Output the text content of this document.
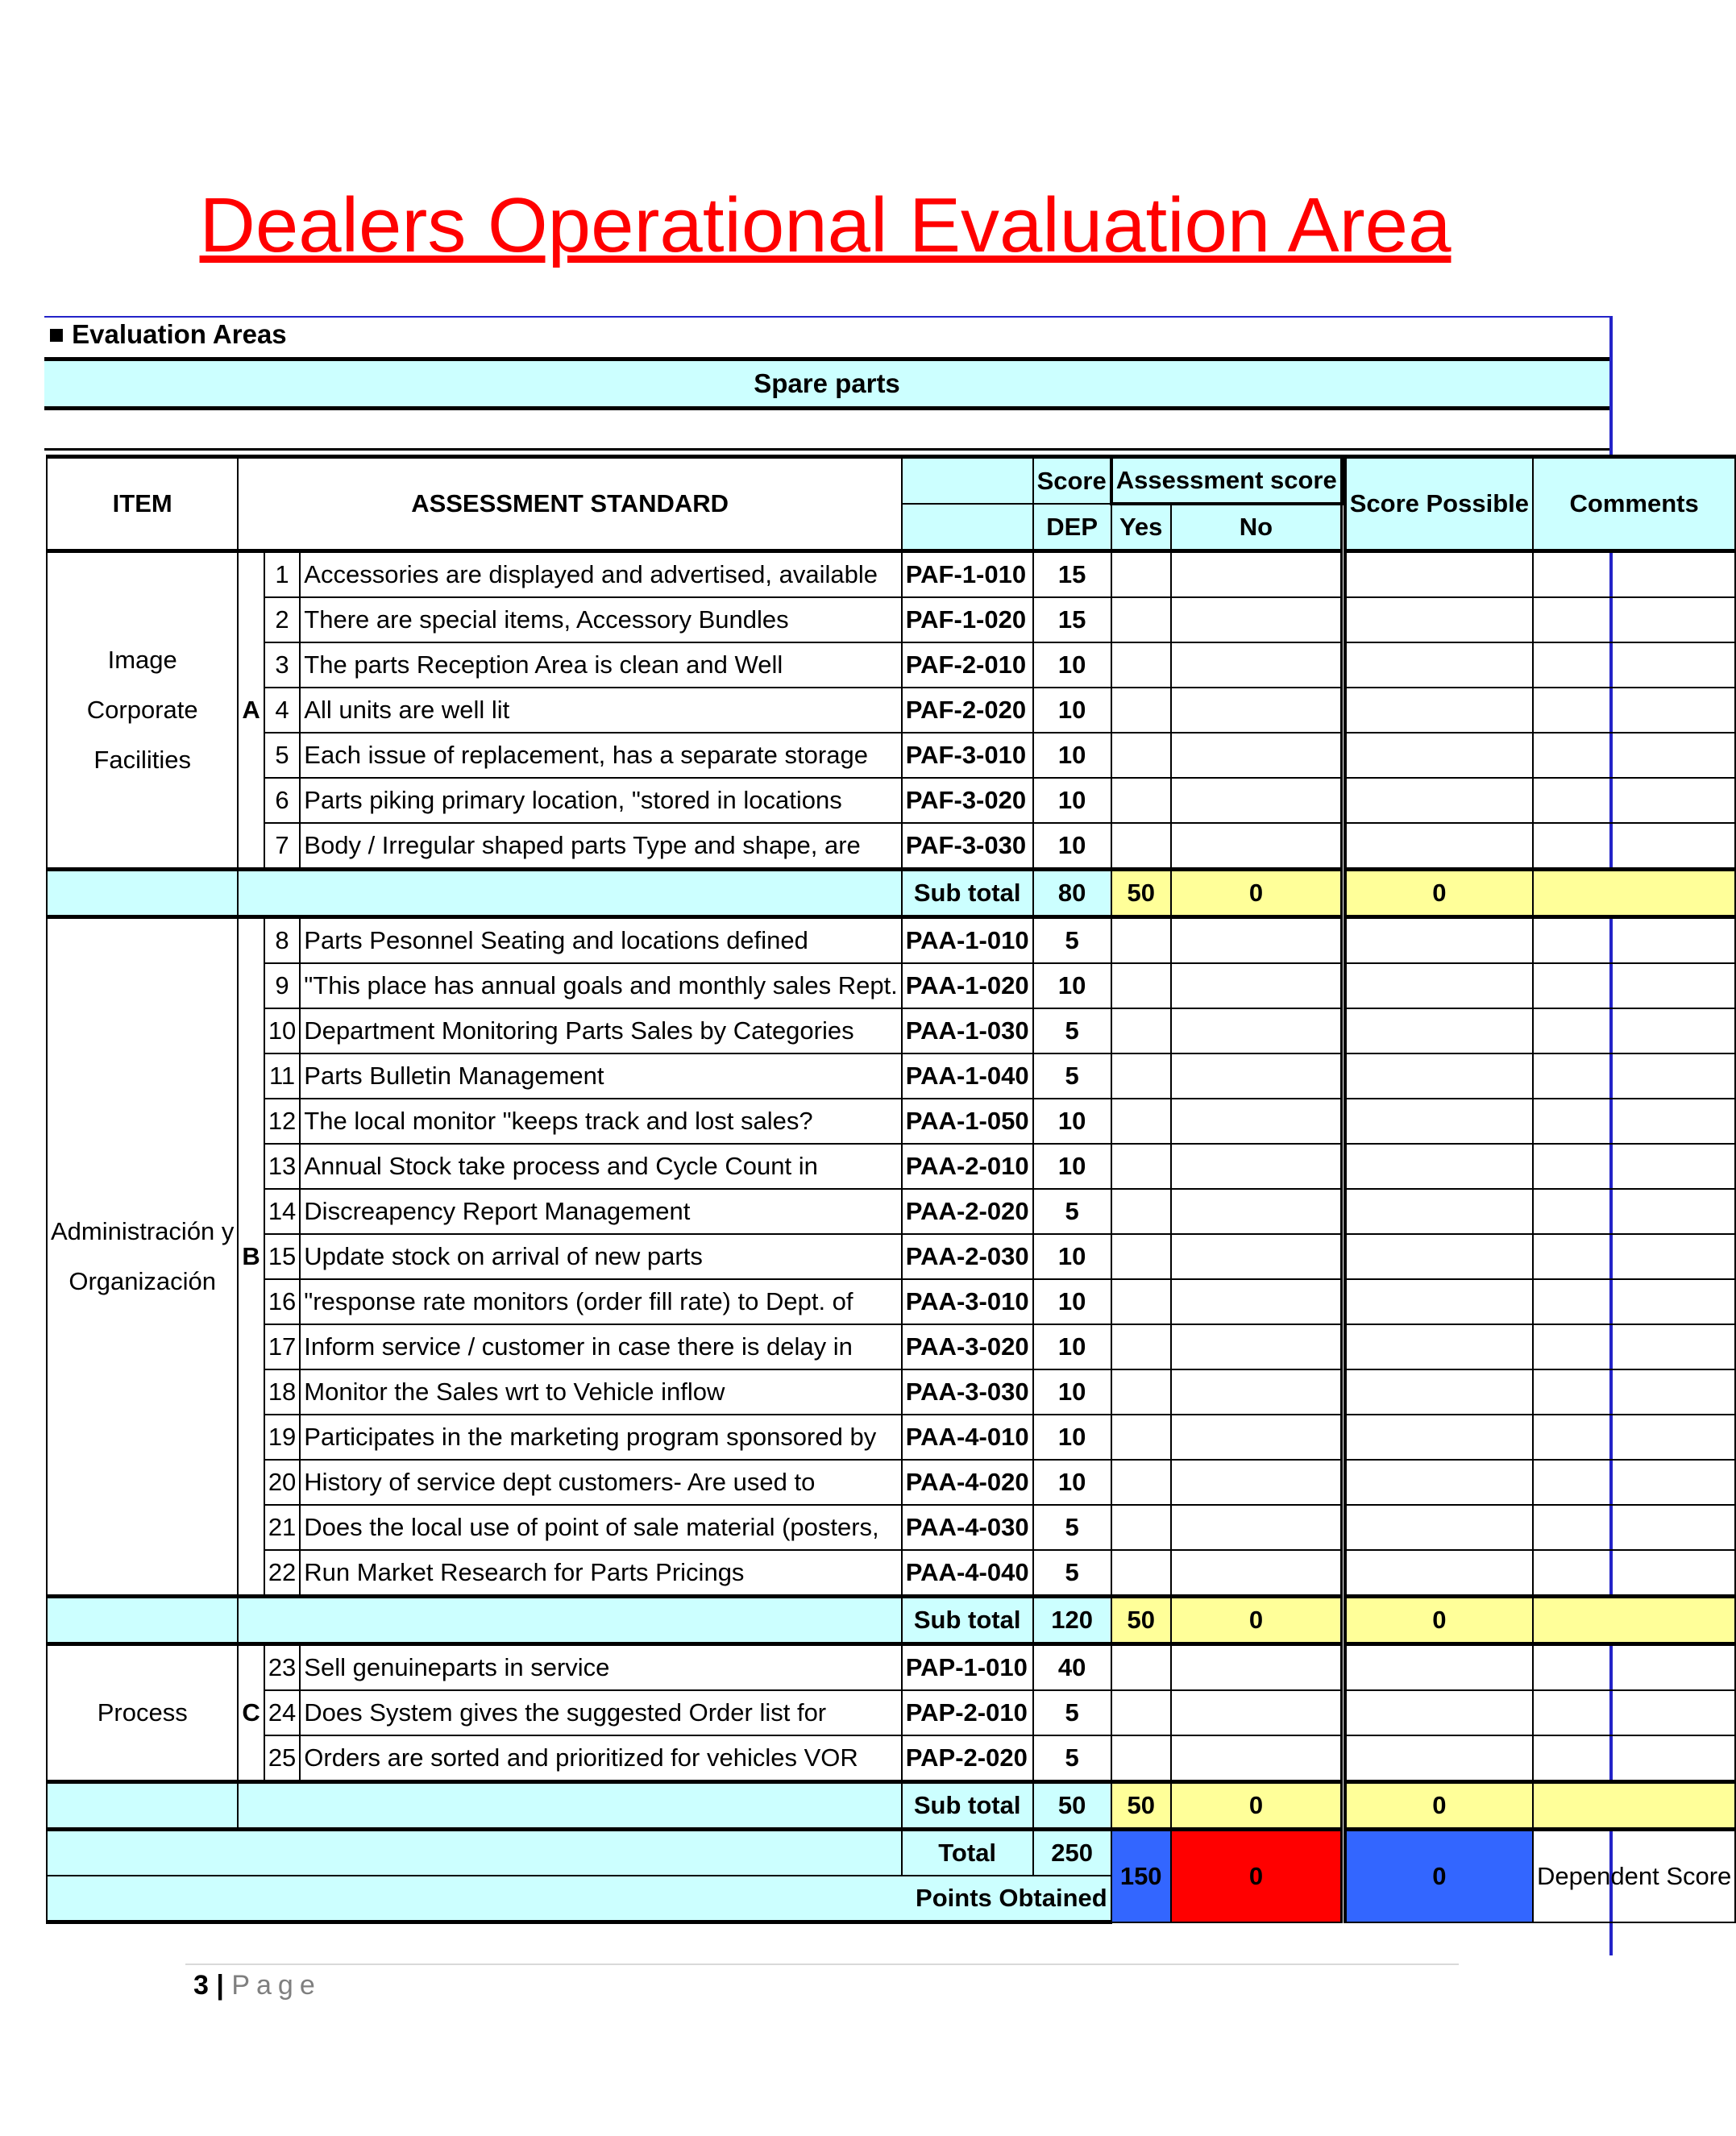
Dealers Operational Evaluation Area
■ Evaluation Areas
Spare parts
ITEM	ASSESSMENT STANDARD				Score	Assessment score			Score Possible	Comments
					DEP	Yes	No			

Image
Corporate
Facilities	A	1	Accessories are displayed and advertised, available	PAF-1-010	15					
		2	There are special items, Accessory Bundles	PAF-1-020	15					
		3	The parts Reception Area is clean and Well	PAF-2-010	10					
		4	All units are well lit	PAF-2-020	10					
		5	Each issue of replacement, has a separate storage	PAF-3-010	10					
		6	Parts piking primary location, "stored in locations	PAF-3-020	10					
		7	Body / Irregular shaped parts Type and shape, are	PAF-3-030	10					
				Sub total	80	50	0		0	

Administración y
Organización	B	8	Parts Pesonnel Seating and locations defined	PAA-1-010	5					
		9	"This place has annual goals and monthly sales Rept.	PAA-1-020	10					
		10	Department Monitoring Parts Sales by Categories	PAA-1-030	5					
		11	Parts Bulletin Management	PAA-1-040	5					
		12	The local monitor "keeps track and lost sales?	PAA-1-050	10					
		13	Annual Stock take process and Cycle Count in	PAA-2-010	10					
		14	Discreapency Report Management	PAA-2-020	5					
		15	Update stock on arrival of new parts	PAA-2-030	10					
		16	"response rate monitors (order fill rate) to Dept. of	PAA-3-010	10					
		17	Inform service / customer in case there is delay in	PAA-3-020	10					
		18	Monitor the Sales wrt to Vehicle inflow	PAA-3-030	10					
		19	Participates in the marketing program sponsored by	PAA-4-010	10					
		20	History of service dept customers- Are used to	PAA-4-020	10					
		21	Does the local use of point of sale material (posters,	PAA-4-030	5					
		22	Run Market Research for Parts Pricings	PAA-4-040	5					
				Sub total	120	50	0		0	

Process	C	23	Sell genuineparts in service	PAP-1-010	40					
		24	Does System gives the suggested Order list for	PAP-2-010	5					
		25	Orders are sorted and prioritized for vehicles VOR	PAP-2-020	5					
				Sub total	50	50	0		0	
				Total	250	150	0		0	Dependent Score
Points Obtained										
3 | Page
